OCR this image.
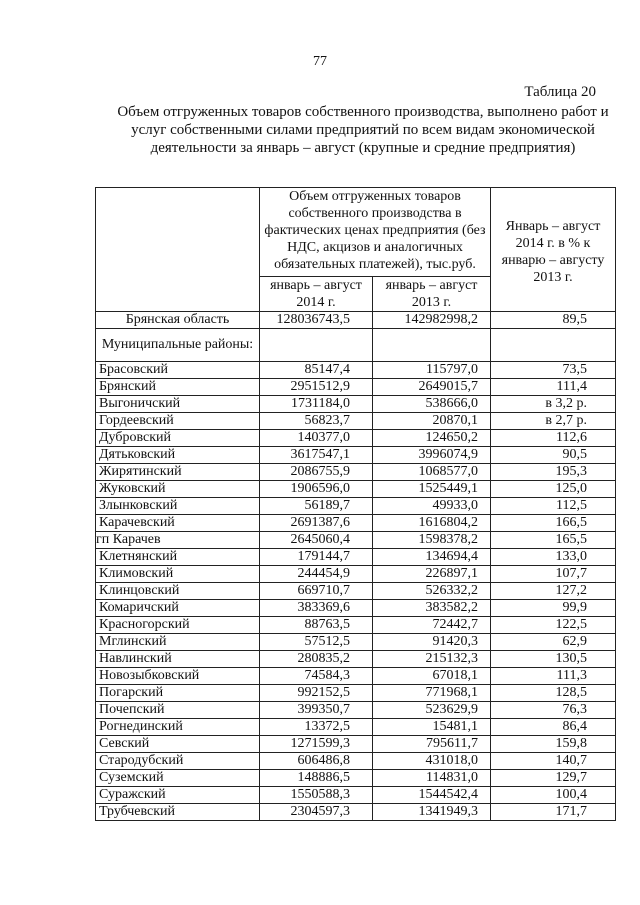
77
Таблица 20
Объем отгруженных товаров собственного производства, выполнено работ и услуг собственными силами предприятий по всем видам экономической деятельности за январь – август (крупные и средние предприятия)
	Объем отгруженных товаров собственного производства в фактических ценах предприятия (без НДС, акцизов и аналогичных обязательных платежей), тыс.руб.		Январь – август 2014 г. в % к январю – августу 2013 г.
	январь – август 2014 г.	январь – август 2013 г.	
Брянская область	128036743,5	142982998,2	89,5
Муниципальные районы:			
Брасовский	85147,4	115797,0	73,5
Брянский	2951512,9	2649015,7	111,4
Выгоничский	1731184,0	538666,0	в 3,2 р.
Гордеевский	56823,7	20870,1	в 2,7 р.
Дубровский	140377,0	124650,2	112,6
Дятьковский	3617547,1	3996074,9	90,5
Жирятинский	2086755,9	1068577,0	195,3
Жуковский	1906596,0	1525449,1	125,0
Злынковский	56189,7	49933,0	112,5
Карачевский	2691387,6	1616804,2	166,5
гп Карачев	2645060,4	1598378,2	165,5
Клетнянский	179144,7	134694,4	133,0
Климовский	244454,9	226897,1	107,7
Клинцовский	669710,7	526332,2	127,2
Комаричский	383369,6	383582,2	99,9
Красногорский	88763,5	72442,7	122,5
Мглинский	57512,5	91420,3	62,9
Навлинский	280835,2	215132,3	130,5
Новозыбковский	74584,3	67018,1	111,3
Погарский	992152,5	771968,1	128,5
Почепский	399350,7	523629,9	76,3
Рогнединский	13372,5	15481,1	86,4
Севский	1271599,3	795611,7	159,8
Стародубский	606486,8	431018,0	140,7
Суземский	148886,5	114831,0	129,7
Суражский	1550588,3	1544542,4	100,4
Трубчевский	2304597,3	1341949,3	171,7
